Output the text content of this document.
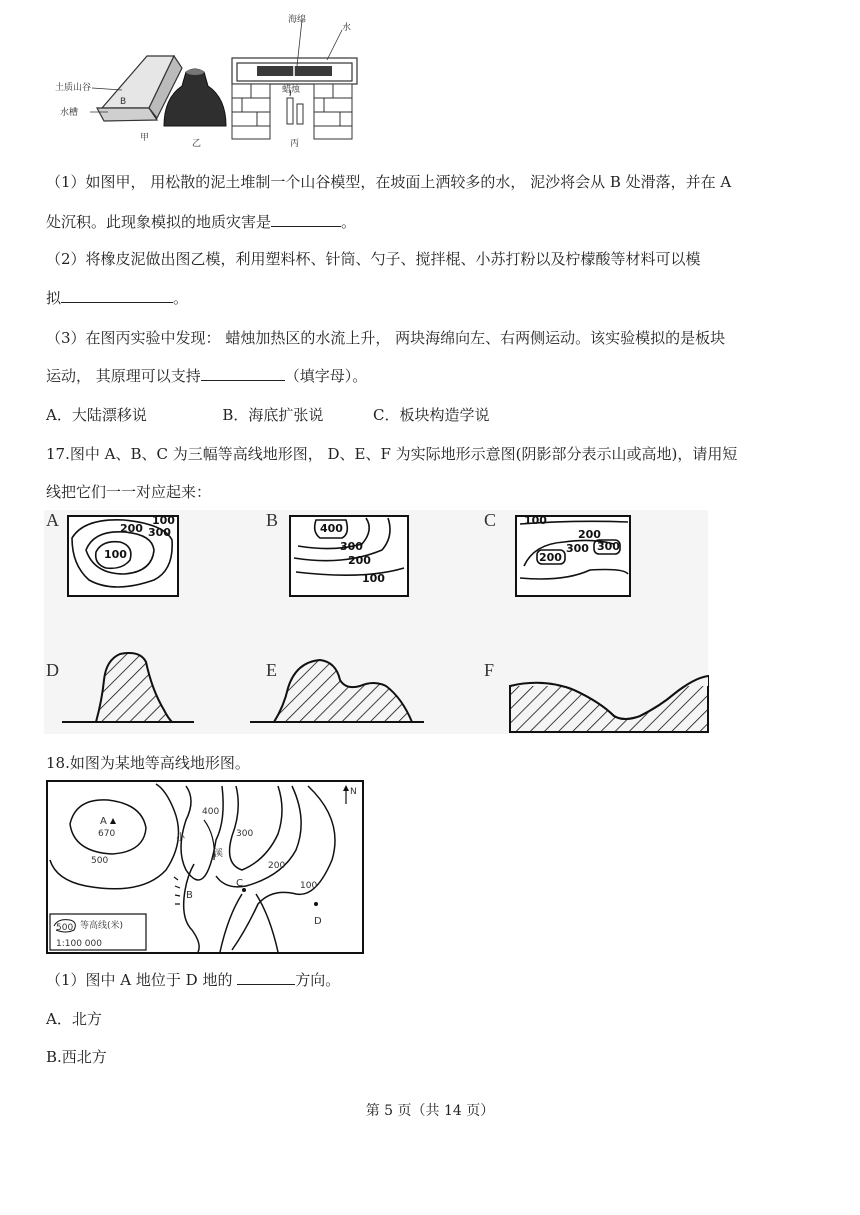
土质山谷
水槽
B
甲
乙
海绵
水
蜡烛
丙
（1）如图甲， 用松散的泥土堆制一个山谷模型，在坡面上洒较多的水， 泥沙将会从 B 处滑落，并在 A
处沉积。此现象模拟的地质灾害是	。
（2）将橡皮泥做出图乙模，利用塑料杯、针筒、勺子、搅拌棍、小苏打粉以及柠檬酸等材料可以模
拟	。
（3）在图丙实验中发现： 蜡烛加热区的水流上升， 两块海绵向左、右两侧运动。该实验模拟的是板块
运动， 其原理可以支持	（填字母）。
A．大陆漂移说	B．海底扩张说	C．板块构造学说
17.图中 A、B、C 为三幅等高线地形图， D、E、F 为实际地形示意图(阴影部分表示山或高地)，请用短
线把它们一一对应起来：
A	B	C
D	E	F
100
200 300
100
400
300
200
100
100
200
300 300
200
18.如图为某地等高线地形图。
A
670
500
400
300
200
100
B
C
D
小
溪
N
500 等高线(米)
1:100 000
（1）图中 A 地位于 D 地的	方向。
A．北方
B.西北方
第 5 页（共 14 页）
